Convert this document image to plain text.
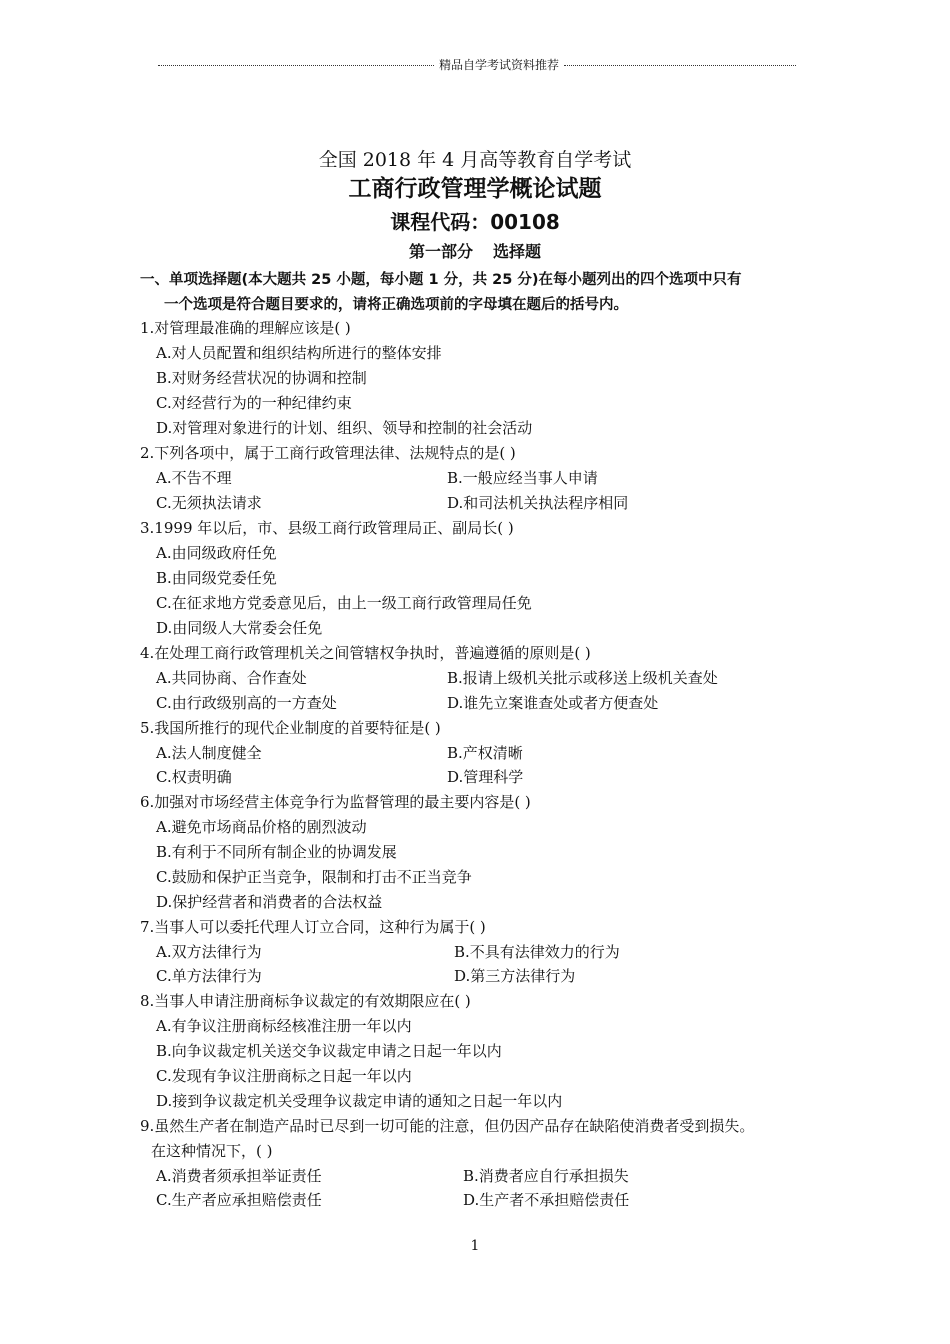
精品自学考试资料推荐
全国 2018 年 4 月高等教育自学考试
工商行政管理学概论试题
课程代码：00108
第一部分 选择题
一、单项选择题(本大题共 25 小题，每小题 1 分，共 25 分)在每小题列出的四个选项中只有
一个选项是符合题目要求的，请将正确选项前的字母填在题后的括号内。
1.对管理最准确的理解应该是( )
A.对人员配置和组织结构所进行的整体安排
B.对财务经营状况的协调和控制
C.对经营行为的一种纪律约束
D.对管理对象进行的计划、组织、领导和控制的社会活动
2.下列各项中，属于工商行政管理法律、法规特点的是( )
A.不告不理	B.一般应经当事人申请
C.无须执法请求	D.和司法机关执法程序相同
3.1999 年以后，市、县级工商行政管理局正、副局长( )
A.由同级政府任免
B.由同级党委任免
C.在征求地方党委意见后，由上一级工商行政管理局任免
D.由同级人大常委会任免
4.在处理工商行政管理机关之间管辖权争执时，普遍遵循的原则是( )
A.共同协商、合作查处	B.报请上级机关批示或移送上级机关查处
C.由行政级别高的一方查处	D.谁先立案谁查处或者方便查处
5.我国所推行的现代企业制度的首要特征是( )
A.法人制度健全	B.产权清晰
C.权责明确	D.管理科学
6.加强对市场经营主体竞争行为监督管理的最主要内容是( )
A.避免市场商品价格的剧烈波动
B.有利于不同所有制企业的协调发展
C.鼓励和保护正当竞争，限制和打击不正当竞争
D.保护经营者和消费者的合法权益
7.当事人可以委托代理人订立合同，这种行为属于( )
A.双方法律行为	B.不具有法律效力的行为
C.单方法律行为	D.第三方法律行为
8.当事人申请注册商标争议裁定的有效期限应在( )
A.有争议注册商标经核准注册一年以内
B.向争议裁定机关送交争议裁定申请之日起一年以内
C.发现有争议注册商标之日起一年以内
D.接到争议裁定机关受理争议裁定申请的通知之日起一年以内
9.虽然生产者在制造产品时已尽到一切可能的注意，但仍因产品存在缺陷使消费者受到损失。
在这种情况下，( )
A.消费者须承担举证责任	B.消费者应自行承担损失
C.生产者应承担赔偿责任	D.生产者不承担赔偿责任
1
